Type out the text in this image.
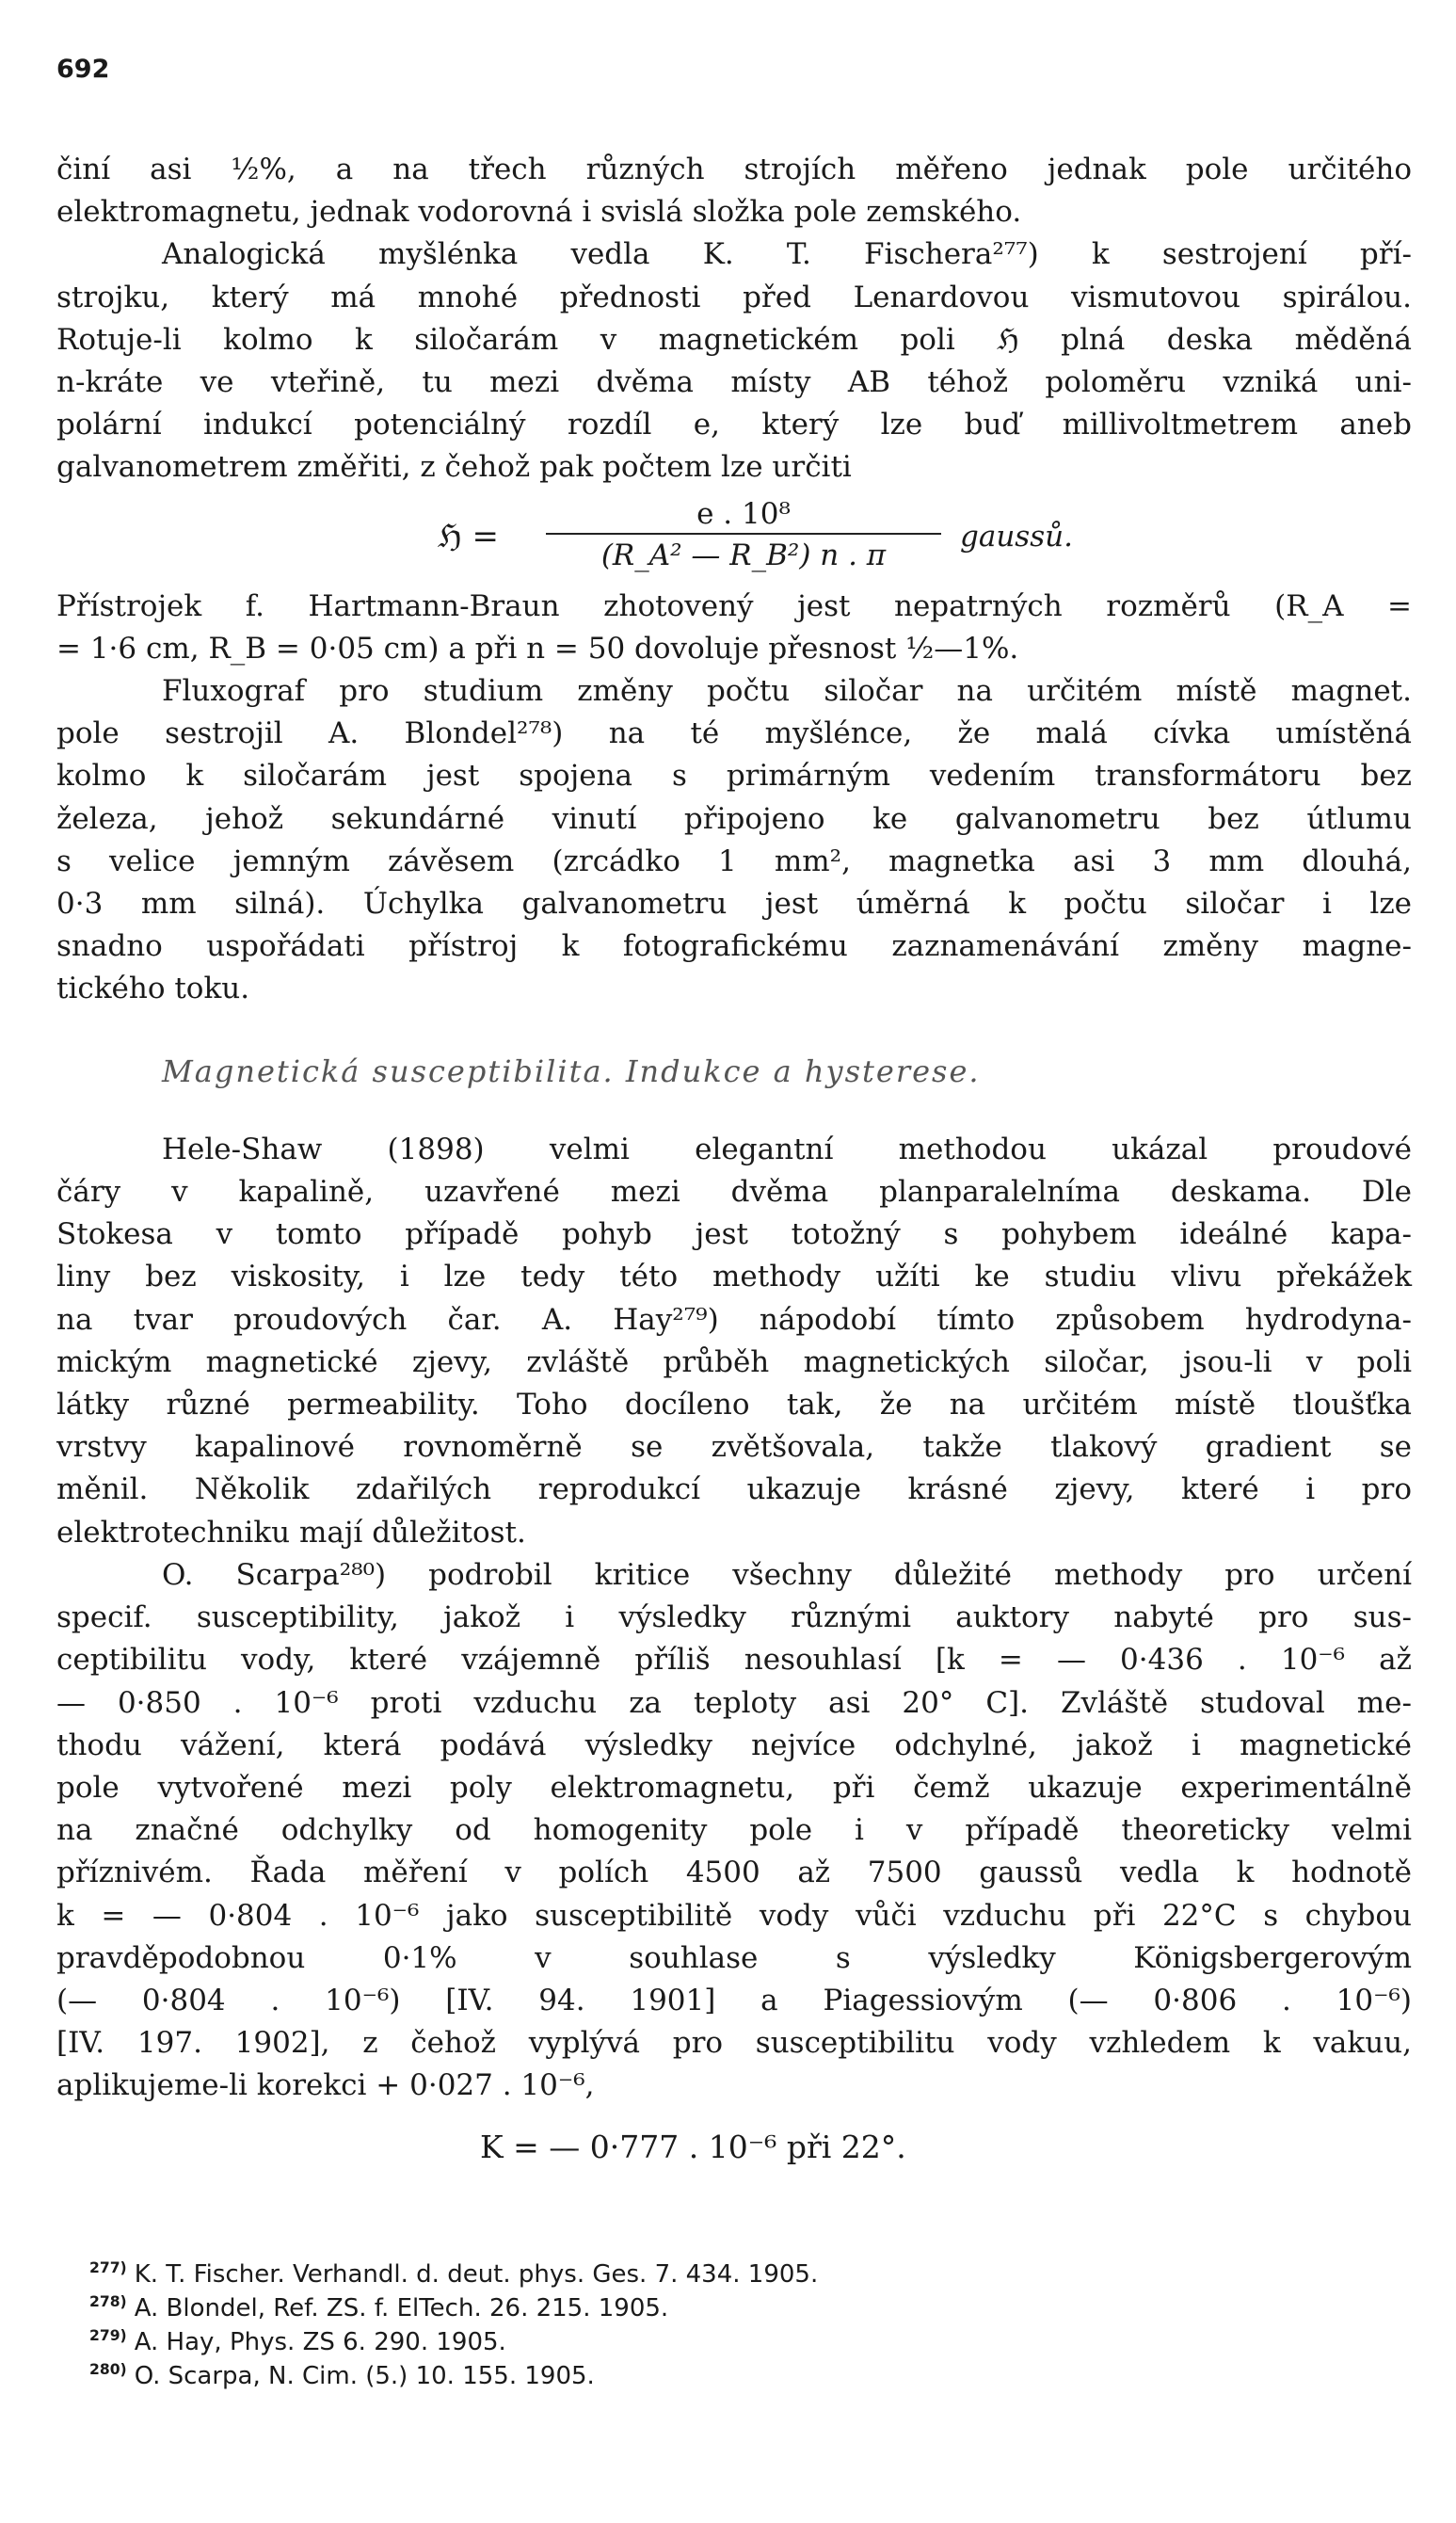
692
činí asi ½%, a na třech různých strojích měřeno jednak pole určitého
elektromagnetu, jednak vodorovná i svislá složka pole zemského.
Analogická myšlénka vedla K. T. Fischera²⁷⁷) k sestrojení pří-
strojku, který má mnohé přednosti před Lenardovou vismutovou spirálou.
Rotuje-li kolmo k siločarám v magnetickém poli ℌ plná deska měděná
n-kráte ve vteřině, tu mezi dvěma místy AB téhož poloměru vzniká uni-
polární indukcí potenciálný rozdíl e, který lze buď millivoltmetrem aneb
galvanometrem změřiti, z čehož pak počtem lze určiti
ℌ = $\frac{\text{e . 10⁸}}{\text{(R\_A² — R\_B²) n . π}}$ gaussů.
Přístrojek f. Hartmann-Braun zhotovený jest nepatrných rozměrů (R_A =
= 1·6 cm, R_B = 0·05 cm) a při n = 50 dovoluje přesnost ½—1%.
Fluxograf pro studium změny počtu siločar na určitém místě magnet.
pole sestrojil A. Blondel²⁷⁸) na té myšlénce, že malá cívka umístěná
kolmo k siločarám jest spojena s primárným vedením transformátoru bez
železa, jehož sekundárné vinutí připojeno ke galvanometru bez útlumu
s velice jemným závěsem (zrcádko 1 mm², magnetka asi 3 mm dlouhá,
0·3 mm silná). Úchylka galvanometru jest úměrná k počtu siločar i lze
snadno uspořádati přístroj k fotografickému zaznamenávání změny magne-
tického toku.
Magnetická susceptibilita. Indukce a hysterese.
Hele-Shaw (1898) velmi elegantní methodou ukázal proudové
čáry v kapalině, uzavřené mezi dvěma planparalelníma deskama. Dle
Stokesa v tomto případě pohyb jest totožný s pohybem ideálné kapa-
liny bez viskosity, i lze tedy této methody užíti ke studiu vlivu překážek
na tvar proudových čar. A. Hay²⁷⁹) nápodobí tímto způsobem hydrodyna-
mickým magnetické zjevy, zvláště průběh magnetických siločar, jsou-li v poli
látky různé permeability. Toho docíleno tak, že na určitém místě tloušťka
vrstvy kapalinové rovnoměrně se zvětšovala, takže tlakový gradient se
měnil. Několik zdařilých reprodukcí ukazuje krásné zjevy, které i pro
elektrotechniku mají důležitost.
O. Scarpa²⁸⁰) podrobil kritice všechny důležité methody pro určení
specif. susceptibility, jakož i výsledky různými auktory nabyté pro sus-
ceptibilitu vody, které vzájemně příliš nesouhlasí [k = — 0·436 . 10⁻⁶ až
— 0·850 . 10⁻⁶ proti vzduchu za teploty asi 20° C]. Zvláště studoval me-
thodu vážení, která podává výsledky nejvíce odchylné, jakož i magnetické
pole vytvořené mezi poly elektromagnetu, při čemž ukazuje experimentálně
na značné odchylky od homogenity pole i v případě theoreticky velmi
příznivém. Řada měření v polích 4500 až 7500 gaussů vedla k hodnotě
k = — 0·804 . 10⁻⁶ jako susceptibilitě vody vůči vzduchu při 22°C s chybou
pravděpodobnou 0·1% v souhlase s výsledky Königsbergerovým
(— 0·804 . 10⁻⁶) [IV. 94. 1901] a Piagessiovým (— 0·806 . 10⁻⁶)
[IV. 197. 1902], z čehož vyplývá pro susceptibilitu vody vzhledem k vakuu,
aplikujeme-li korekci + 0·027 . 10⁻⁶,
K = — 0·777 . 10⁻⁶ při 22°.
$^{277)}$ K. T. Fischer. Verhandl. d. deut. phys. Ges. 7. 434. 1905.
$^{278)}$ A. Blondel, Ref. ZS. f. ElTech. 26. 215. 1905.
$^{279)}$ A. Hay, Phys. ZS 6. 290. 1905.
$^{280)}$ O. Scarpa, N. Cim. (5.) 10. 155. 1905.
